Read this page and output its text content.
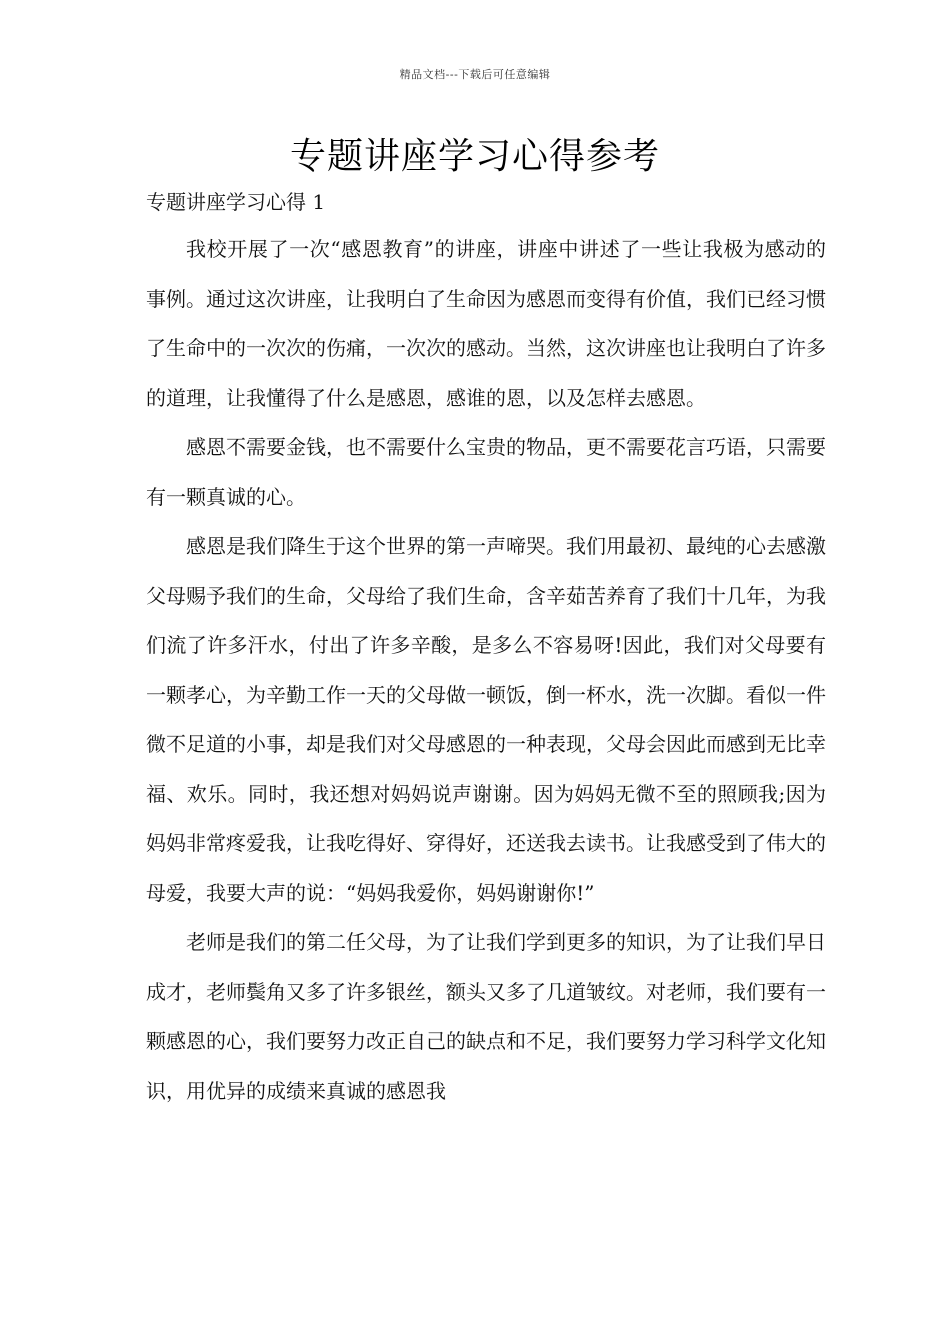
精品文档---下载后可任意编辑
专题讲座学习心得参考
专题讲座学习心得 1

我校开展了一次“感恩教育”的讲座，讲座中讲述了一些让我极为感动的事例。通过这次讲座，让我明白了生命因为感恩而变得有价值，我们已经习惯了生命中的一次次的伤痛，一次次的感动。当然，这次讲座也让我明白了许多的道理，让我懂得了什么是感恩，感谁的恩，以及怎样去感恩。

感恩不需要金钱，也不需要什么宝贵的物品，更不需要花言巧语，只需要有一颗真诚的心。

感恩是我们降生于这个世界的第一声啼哭。我们用最初、最纯的心去感激父母赐予我们的生命，父母给了我们生命，含辛茹苦养育了我们十几年，为我们流了许多汗水，付出了许多辛酸，是多么不容易呀!因此，我们对父母要有一颗孝心，为辛勤工作一天的父母做一顿饭，倒一杯水，洗一次脚。看似一件微不足道的小事，却是我们对父母感恩的一种表现，父母会因此而感到无比幸福、欢乐。同时，我还想对妈妈说声谢谢。因为妈妈无微不至的照顾我;因为妈妈非常疼爱我，让我吃得好、穿得好，还送我去读书。让我感受到了伟大的母爱，我要大声的说：“妈妈我爱你，妈妈谢谢你!”

老师是我们的第二任父母，为了让我们学到更多的知识，为了让我们早日成才，老师鬓角又多了许多银丝，额头又多了几道皱纹。对老师，我们要有一颗感恩的心，我们要努力改正自己的缺点和不足，我们要努力学习科学文化知识，用优异的成绩来真诚的感恩我
